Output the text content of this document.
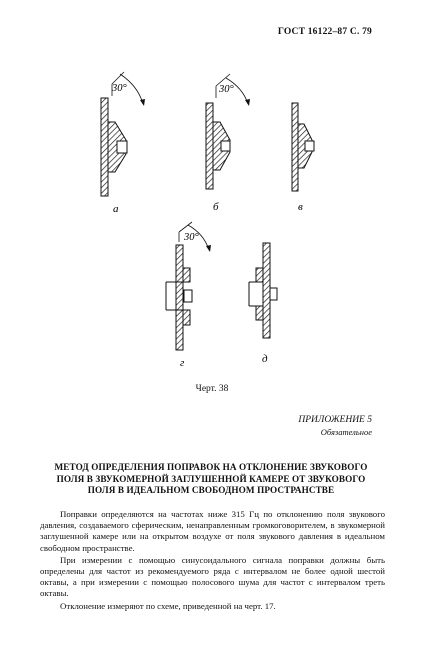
ГОСТ 16122–87 С. 79
30°
а
30°
б	в
30°
г	д
Черт. 38
ПРИЛОЖЕНИЕ 5
Обязательное
МЕТОД ОПРЕДЕЛЕНИЯ ПОПРАВОК НА ОТКЛОНЕНИЕ ЗВУКОВОГО ПОЛЯ В ЗВУКОМЕРНОЙ ЗАГЛУШЕННОЙ КАМЕРЕ ОТ ЗВУКОВОГО ПОЛЯ В ИДЕАЛЬНОМ СВОБОДНОМ ПРОСТРАНСТВЕ

Поправки определяются на частотах ниже 315 Гц по отклонению поля звукового давления, создаваемого сферическим, ненаправленным громкоговорителем, в звукомерной заглушенной камере или на открытом воздухе от поля звукового давления в идеальном свободном пространстве.

При измерении с помощью синусоидального сигнала поправки должны быть определены для частот из рекомендуемого ряда с интервалом не более одной шестой октавы, а при измерении с помощью полосового шума для частот с интервалом треть октавы.

Отклонение измеряют по схеме, приведенной на черт. 17.
